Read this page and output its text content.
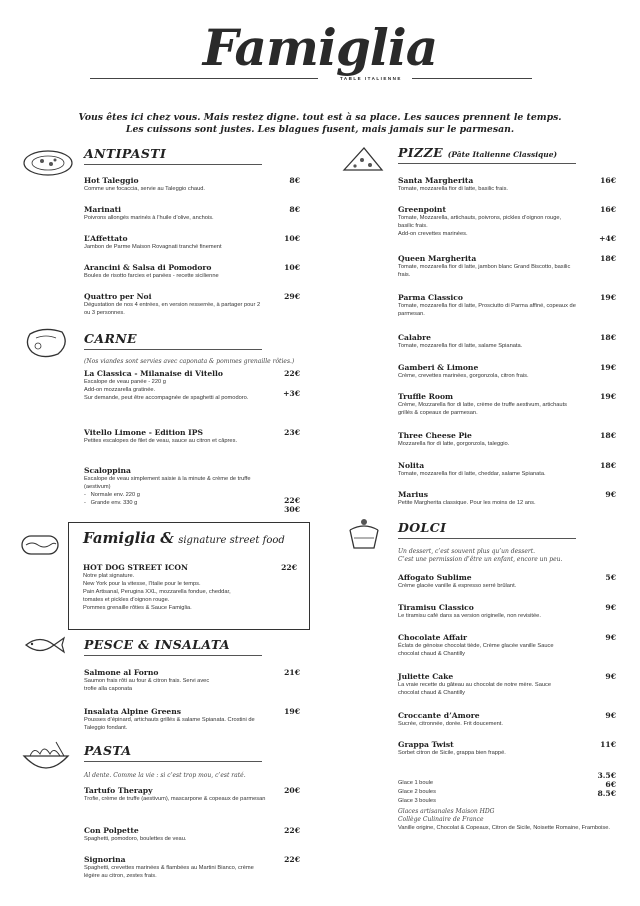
Famiglia
TABLE ITALIENNE
Vous êtes ici chez vous. Mais restez digne. tout est à sa place. Les sauces prennent le temps.
Les cuissons sont justes. Les blagues fusent, mais jamais sur le parmesan.
ANTIPASTI
Hot Taleggio
Comme une focaccia, servie au Taleggio chaud.
8€
Marinati
Poivrons allongés marinés à l’huile d’olive, anchois.
8€
L’Affettato
Jambon de Parme Maison Rovagnati tranché finement
10€
Arancini & Salsa di Pomodoro
Boules de risotto farcies et panées - recette sicilienne
10€
Quattro per Noi
Dégustation de nos 4 entrées, en version resserrée, à partager pour 2 ou 3 personnes.
29€
CARNE
(Nos viandes sont servies avec caponata & pommes grenaille rôties.)
La Classica - Milanaise di Vitello
Escalope de veau panée - 220 g
Add-on mozzarella gratinée.
Sur demande, peut être accompagnée de spaghetti al pomodoro.
22€
+3€
Vitello Limone - Edition IPS
Petites escalopes de filet de veau, sauce au citron et câpres.
23€
Scaloppina
Escalope de veau simplement saisie à la minute & crème de truffe (aestivum)
-   Normale env. 220 g
-   Grande env. 330 g	22€
30€
Famiglia & signature street food
HOT DOG STREET ICON
Notre plat signature.
New York pour la vitesse, l’Italie pour le temps.
Pain Artisanal, Perugina XXL, mozzarella fondue, cheddar,
tomates et pickles d’oignon rouge.
Pommes grenaille rôties & Sauce Famiglia.
22€
PESCE & INSALATA
Salmone al Forno
Saumon frais rôti au four & citron frais. Servi avec trofie alla caponata
21€
Insalata Alpine Greens
Pousses d’épinard, artichauts grillés & salame Spianata. Crostini de Taleggio fondant.
19€
PASTA
Al dente. Comme la vie : si c’est trop mou, c’est raté.
Tartufo Therapy
Trofie, crème de truffe (aestivum), mascarpone & copeaux de parmesan
20€
Con Polpette
Spaghetti, pomodoro, boulettes de veau.
22€
Signorina
Spaghetti, crevettes marinées & flambées au Martini Bianco, crème légère au citron, zestes frais.
22€
PIZZE (Pâte Italienne Classique)
Santa Margherita
Tomate, mozzarella fior di latte, basilic frais.
16€
Greenpoint
Tomate, Mozzarella, artichauts, poivrons, pickles d’oignon rouge, basilic frais.
Add-on crevettes marinées.
16€
+4€
Queen Margherita
Tomate, mozzarella fior di latte, jambon blanc Grand Biscotto, basilic frais.
18€
Parma Classico
Tomate, mozzarella fior di latte, Prosciutto di Parma affiné, copeaux de parmesan.
19€
Calabre
Tomate, mozzarella fior di latte, salame Spianata.
18€
Gamberi & Limone
Crème, crevettes marinées, gorgonzola, citron frais.
19€
Truffle Room
Crème, Mozzarella fior di latte, crème de truffe aestivum, artichauts grillés & copeaux de parmesan.
19€
Three Cheese Pie
Mozzarella fior di latte, gorgonzola, taleggio.
18€
Nolita
Tomate, mozzarella fior di latte, cheddar, salame Spianata.
18€
Marius
Petite Margherita classique. Pour les moins de 12 ans.
9€
DOLCI
Un dessert, c’est souvent plus qu’un dessert.
C’est une permission d’être un enfant, encore un peu.
Affogato Sublime
Crème glacée vanille & espresso serré brûlant.
5€
Tiramisu Classico
Le tiramisu café dans sa version originelle, non revisitée.
9€
Chocolate Affair
Éclats de génoise chocolat tiède, Crème glacée vanille Sauce chocolat chaud & Chantilly
9€
Juliette Cake
La vraie recette du gâteau au chocolat de notre mère. Sauce chocolat chaud & Chantilly
9€
Croccante d’Amore
Sucrée, citronnée, dorée. Frit doucement.
9€
Grappa Twist
Sorbet citron de Sicile, grappa bien frappé.
11€
Glace 1 boule
3.5€
Glace 2 boules
6€
Glace 3 boules
8.5€
Glaces artisanales Maison HDG
Collège Culinaire de France
Vanille origine, Chocolat & Copeaux, Citron de Sicile, Noisette Romaine, Framboise.
